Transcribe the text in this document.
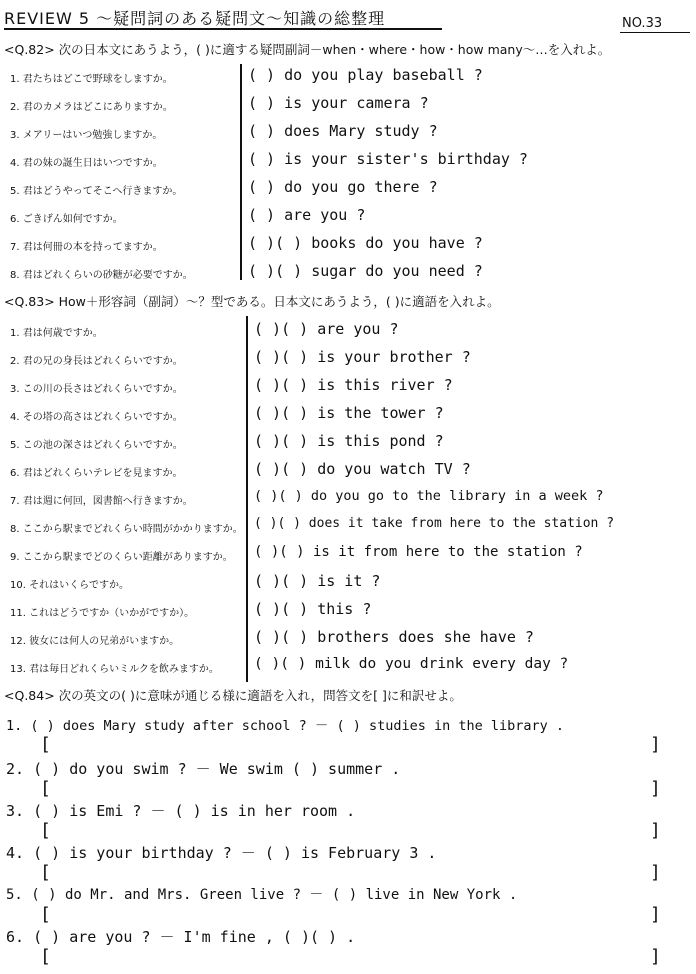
REVIEW 5 ～疑問詞のある疑問文～知識の総整理	NO.33
<Q.82> 次の日本文にあうよう，( )に適する疑問副詞－when・where・how・how many～…を入れよ。
1. 君たちはどこで野球をしますか。	( ) do you play baseball ?
2. 君のカメラはどこにありますか。	( ) is your camera ?
3. メアリーはいつ勉強しますか。	( ) does Mary study ?
4. 君の妹の誕生日はいつですか。	( ) is your sister's birthday ?
5. 君はどうやってそこへ行きますか。	( ) do you go there ?
6. ごきげん如何ですか。	( ) are you ?
7. 君は何冊の本を持ってますか。	( )( ) books do you have ?
8. 君はどれくらいの砂糖が必要ですか。	( )( ) sugar do you need ?
<Q.83> How＋形容詞（副詞）～？型である。日本文にあうよう，( )に適語を入れよ。
1. 君は何歳ですか。	( )( ) are you ?
2. 君の兄の身長はどれくらいですか。	( )( ) is your brother ?
3. この川の長さはどれくらいですか。	( )( ) is this river ?
4. その塔の高さはどれくらいですか。	( )( ) is the tower ?
5. この池の深さはどれくらいですか。	( )( ) is this pond ?
6. 君はどれくらいテレビを見ますか。	( )( ) do you watch TV ?
7. 君は週に何回，図書館へ行きますか。	( )( ) do you go to the library in a week ?
8. ここから駅までどれくらい時間がかかりますか。 ( )( ) does it take from here to the station ?
9. ここから駅までどのくらい距離がありますか。 ( )( ) is it from here to the station ?
10. それはいくらですか。	( )( ) is it ?
11. これはどうですか（いかがですか）。	( )( ) this ?
12. 彼女には何人の兄弟がいますか。	( )( ) brothers does she have ?
13. 君は毎日どれくらいミルクを飲みますか。 ( )( ) milk do you drink every day ?
<Q.84> 次の英文の( )に意味が通じる様に適語を入れ，問答文を[ ]に和訳せよ。
1. ( ) does Mary study after school ? － ( ) studies in the library .
[	]
2. ( ) do you swim ? － We swim ( ) summer .
[	]
3. ( ) is Emi ? － ( ) is in her room .
[	]
4. ( ) is your birthday ? － ( ) is February 3 .
[	]
5. ( ) do Mr. and Mrs. Green live ? － ( ) live in New York .
[	]
6. ( ) are you ? － I'm fine , ( )( ) .
[	]
